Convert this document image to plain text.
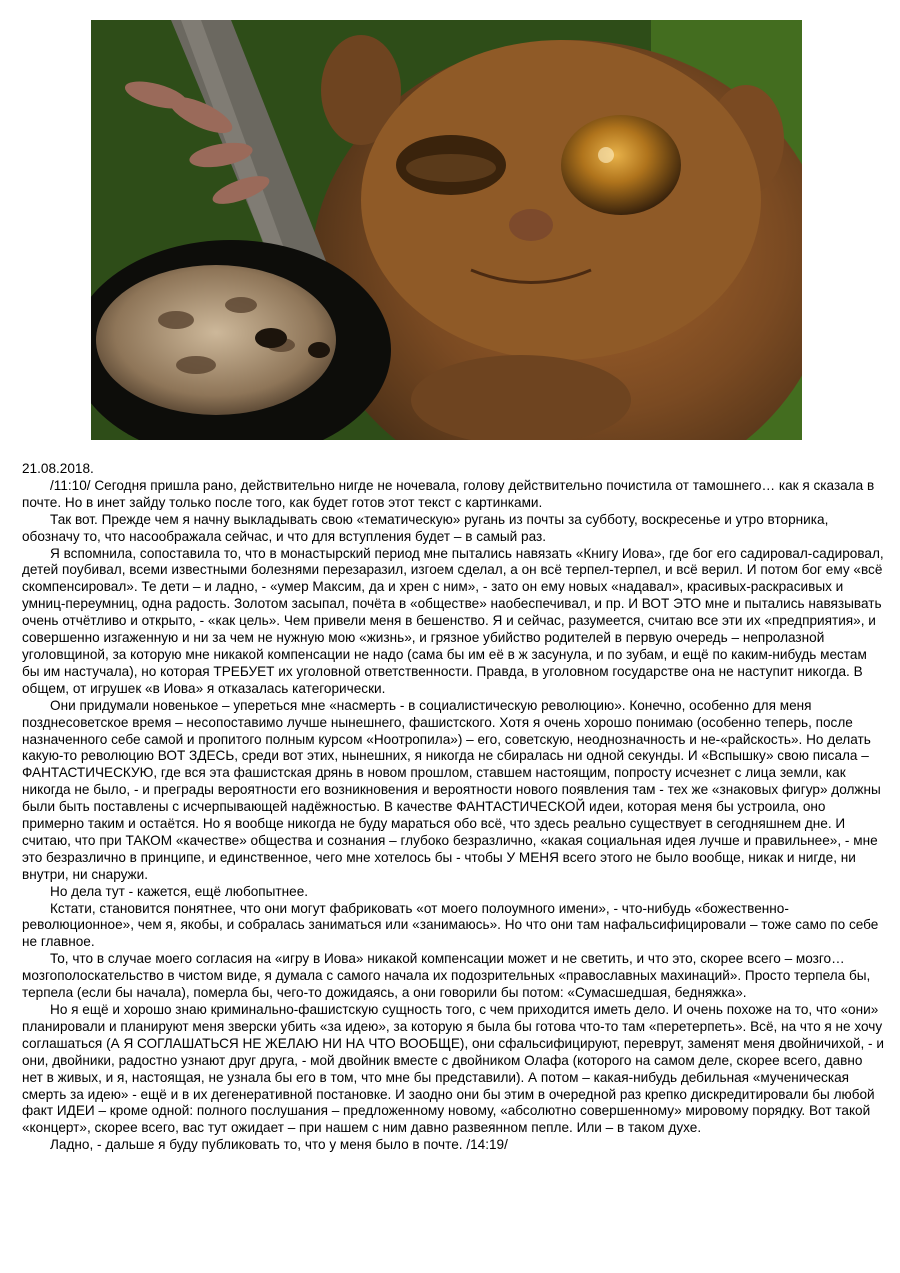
21.08.2018.

/11:10/ Сегодня пришла рано, действительно нигде не ночевала, голову действительно почистила от тамошнего… как я сказала в почте. Но в инет зайду только после того, как будет готов этот текст с картинками.

Так вот. Прежде чем я начну выкладывать свою «тематическую» ругань из почты за субботу, воскресенье и утро вторника, обозначу то, что насоображала сейчас, и что для вступления будет – в самый раз.

Я вспомнила, сопоставила то, что в монастырский период мне пытались навязать «Книгу Иова», где бог его садировал-садировал, детей поубивал, всеми известными болезнями перезаразил, изгоем сделал, а он всё терпел-терпел, и всё верил. И потом бог ему «всё скомпенсировал». Те дети – и ладно, - «умер Максим, да и хрен с ним», - зато он ему новых «надавал», красивых-раскрасивых и умниц-переумниц, одна радость. Золотом засыпал, почёта в «обществе» наобеспечивал, и пр. И ВОТ ЭТО мне и пытались навязывать очень отчётливо и открыто, - «как цель». Чем привели меня в бешенство. Я и сейчас, разумеется, считаю все эти их «предприятия», и совершенно изгаженную и ни за чем не нужную мою «жизнь», и грязное убийство родителей в первую очередь – непролазной уголовщиной, за которую мне никакой компенсации не надо (сама бы им её в ж засунула, и по зубам, и ещё по каким-нибудь местам бы им настучала), но которая ТРЕБУЕТ их уголовной ответственности. Правда, в уголовном государстве она не наступит никогда. В общем, от игрушек «в Иова» я отказалась категорически.

Они придумали новенькое – упереться мне «насмерть - в социалистическую революцию». Конечно, особенно для меня позднесоветское время – несопоставимо лучше нынешнего, фашистского. Хотя я очень хорошо понимаю (особенно теперь, после назначенного себе самой и пропитого полным курсом «Ноотропила») – его, советскую, неоднозначность и не-«райскость». Но делать какую-то революцию ВОТ ЗДЕСЬ, среди вот этих, нынешних, я никогда не сбиралась ни одной секунды. И «Вспышку» свою писала – ФАНТАСТИЧЕСКУЮ, где вся эта фашистская дрянь в новом прошлом, ставшем настоящим, попросту исчезнет с лица земли, как никогда не было, - и преграды вероятности его возникновения и вероятности нового появления там - тех же «знаковых фигур» должны были быть поставлены с исчерпывающей надёжностью. В качестве ФАНТАСТИЧЕСКОЙ идеи, которая меня бы устроила, оно примерно таким и остаётся. Но я вообще никогда не буду мараться обо всё, что здесь реально существует в сегодняшнем дне. И считаю, что при ТАКОМ «качестве» общества и сознания – глубоко безразлично, «какая социальная идея лучше и правильнее», - мне это безразлично в принципе, и единственное, чего мне хотелось бы - чтобы У МЕНЯ всего этого не было вообще, никак и нигде, ни внутри, ни снаружи.

Но дела тут - кажется, ещё любопытнее.

Кстати, становится понятнее, что они могут фабриковать «от моего полоумного имени», - что-нибудь «божественно-революционное», чем я, якобы, и собралась заниматься или «занимаюсь». Но что они там нафальсифицировали – тоже само по себе не главное.

То, что в случае моего согласия на «игру в Иова» никакой компенсации может и не светить, и что это, скорее всего – мозго… мозгополоскательство в чистом виде, я думала с самого начала их подозрительных «православных махинаций». Просто терпела бы, терпела (если бы начала), померла бы, чего-то дожидаясь, а они говорили бы потом: «Сумасшедшая, бедняжка».

Но я ещё и хорошо знаю криминально-фашистскую сущность того, с чем приходится иметь дело. И очень похоже на то, что «они» планировали и планируют меня зверски убить «за идею», за которую я была бы готова что-то там «перетерпеть». Всё, на что я не хочу соглашаться (А Я СОГЛАШАТЬСЯ НЕ ЖЕЛАЮ НИ НА ЧТО ВООБЩЕ), они сфальсифицируют, переврут, заменят меня двойничихой, - и они, двойники, радостно узнают друг друга, - мой двойник вместе с двойником Олафа (которого на самом деле, скорее всего, давно нет в живых, и я, настоящая, не узнала бы его в том, что мне бы представили). А потом – какая-нибудь дебильная «мученическая смерть за идею» - ещё и в их дегенеративной постановке. И заодно они бы этим в очередной раз крепко дискредитировали бы любой факт ИДЕИ – кроме одной: полного послушания – предложенному новому, «абсолютно совершенному» мировому порядку. Вот такой «концерт», скорее всего, вас тут ожидает – при нашем с ним давно развеянном пепле. Или – в таком духе.

Ладно, - дальше я буду публиковать то, что у меня было в почте. /14:19/
